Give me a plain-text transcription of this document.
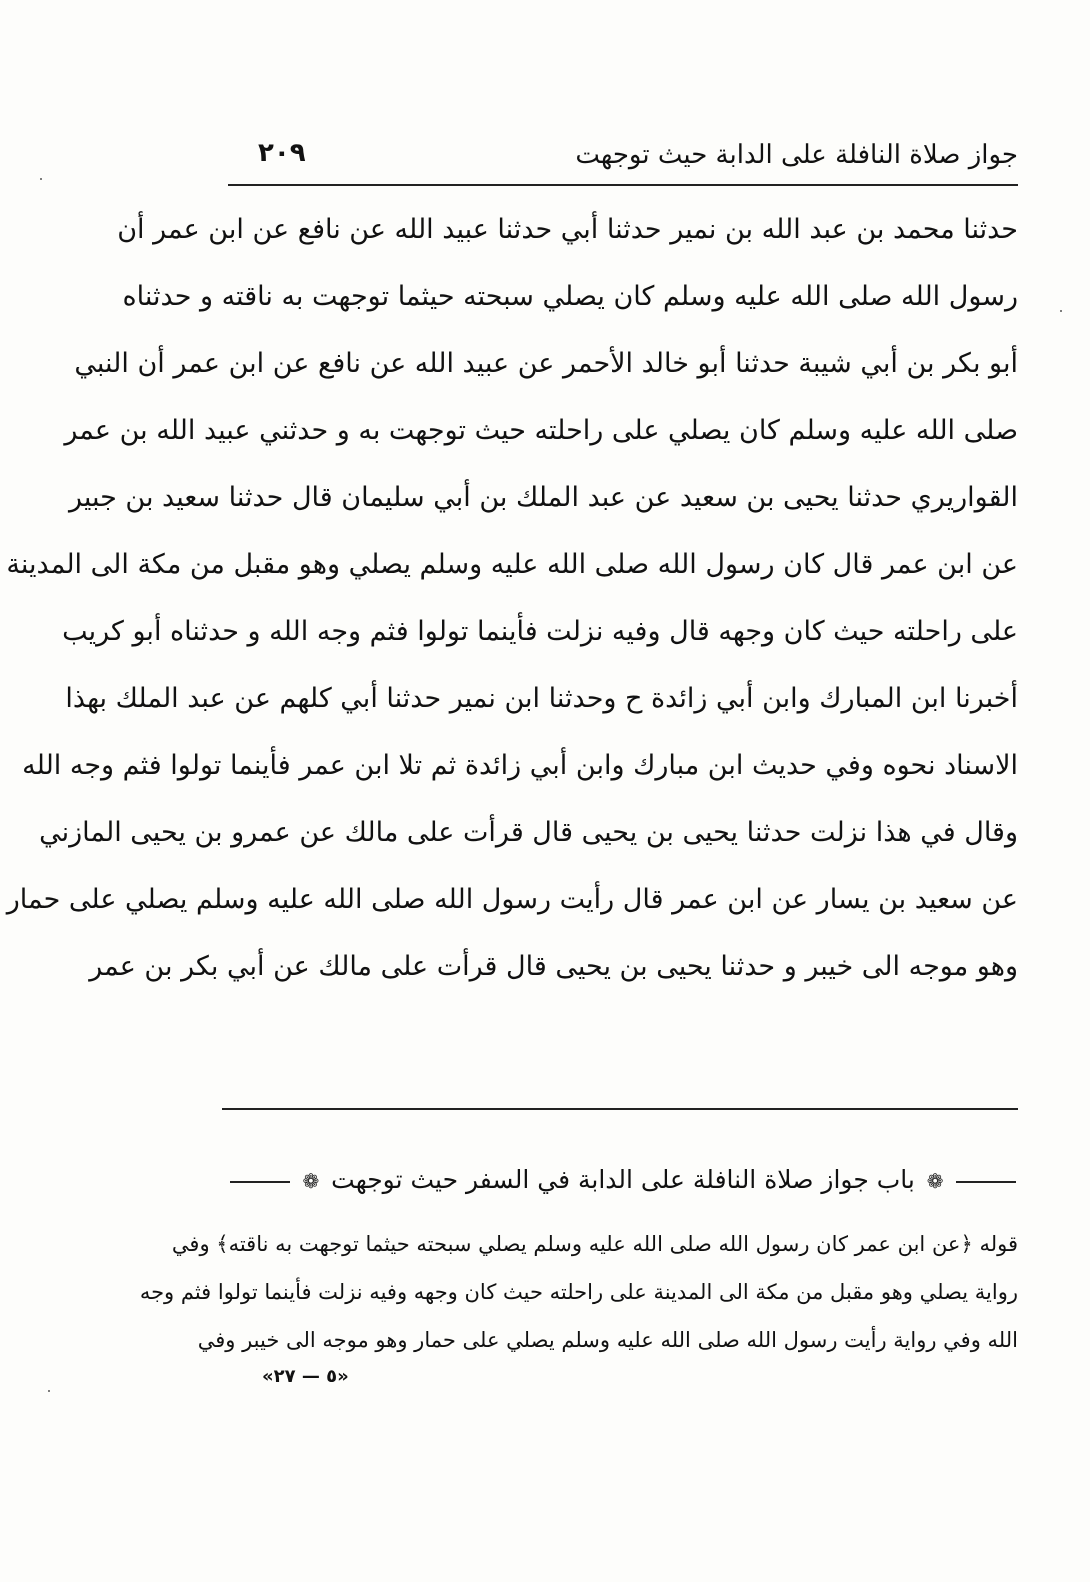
جواز صلاة النافلة على الدابة حيث توجهت
٢٠٩
حدثنا محمد بن عبد الله بن نمير حدثنا أبي حدثنا عبيد الله عن نافع عن ابن عمر أن
رسول الله صلى الله عليه وسلم كان يصلي سبحته حيثما توجهت به ناقته و حدثناه
أبو بكر بن أبي شيبة حدثنا أبو خالد الأحمر عن عبيد الله عن نافع عن ابن عمر أن النبي
صلى الله عليه وسلم كان يصلي على راحلته حيث توجهت به و حدثني عبيد الله بن عمر
القواريري حدثنا يحيى بن سعيد عن عبد الملك بن أبي سليمان قال حدثنا سعيد بن جبير
عن ابن عمر قال كان رسول الله صلى الله عليه وسلم يصلي وهو مقبل من مكة الى المدينة
على راحلته حيث كان وجهه قال وفيه نزلت فأينما تولوا فثم وجه الله و حدثناه أبو كريب
أخبرنا ابن المبارك وابن أبي زائدة ح وحدثنا ابن نمير حدثنا أبي كلهم عن عبد الملك بهذا
الاسناد نحوه وفي حديث ابن مبارك وابن أبي زائدة ثم تلا ابن عمر فأينما تولوا فثم وجه الله
وقال في هذا نزلت حدثنا يحيى بن يحيى قال قرأت على مالك عن عمرو بن يحيى المازني
عن سعيد بن يسار عن ابن عمر قال رأيت رسول الله صلى الله عليه وسلم يصلي على حمار
وهو موجه الى خيبر و حدثنا يحيى بن يحيى قال قرأت على مالك عن أبي بكر بن عمر
❁ باب جواز صلاة النافلة على الدابة في السفر حيث توجهت ❁
قوله ﴿عن ابن عمر كان رسول الله صلى الله عليه وسلم يصلي سبحته حيثما توجهت به ناقته﴾ وفي
رواية يصلي وهو مقبل من مكة الى المدينة على راحلته حيث كان وجهه وفيه نزلت فأينما تولوا فثم وجه
الله وفي رواية رأيت رسول الله صلى الله عليه وسلم يصلي على حمار وهو موجه الى خيبر وفي
«٥ — ٢٧»
